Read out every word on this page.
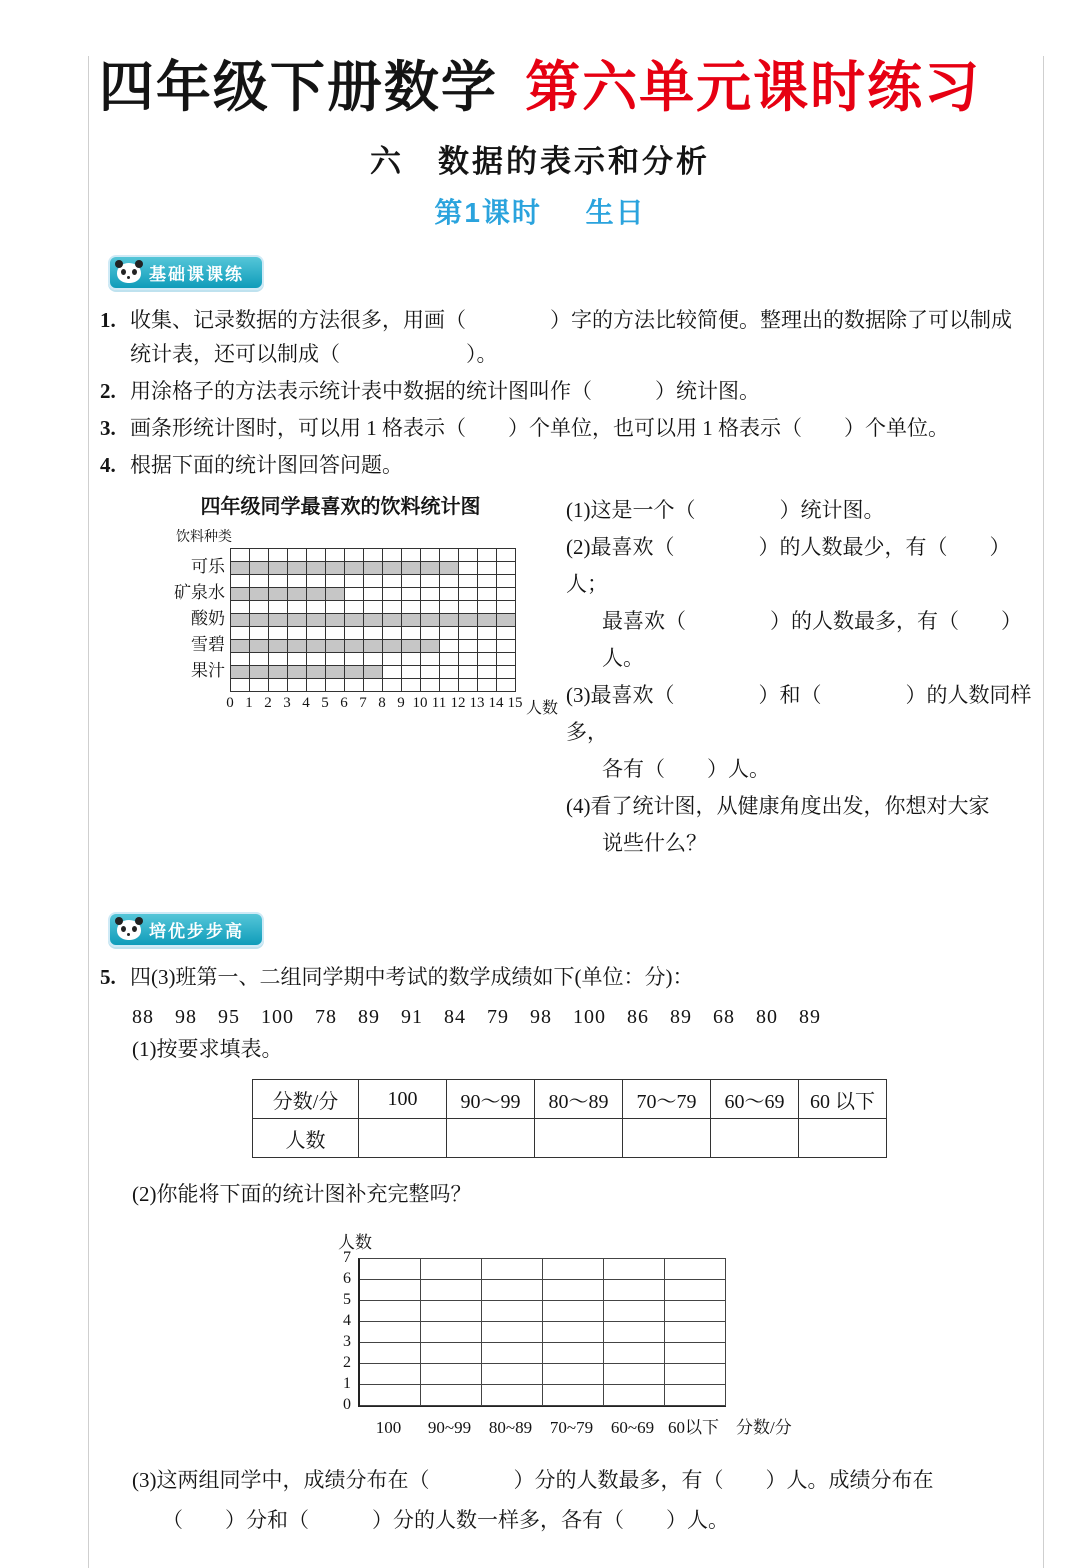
四年级下册数学 第六单元课时练习
六　数据的表示和分析
第1课时 生日
基础课课练
1. 收集、记录数据的方法很多，用画（　　　　）字的方法比较简便。整理出的数据除了可以制成
统计表，还可以制成（　　　　　　）。
2. 用涂格子的方法表示统计表中数据的统计图叫作（　　　）统计图。
3. 画条形统计图时，可以用 1 格表示（　　）个单位，也可以用 1 格表示（　　）个单位。
4. 根据下面的统计图回答问题。
四年级同学最喜欢的饮料统计图
饮料种类
可乐
矿泉水
酸奶
雪碧
果汁
人数
0 1 2 3 4 5 6 7 8 9 10 11 12 13 14 15
(1)这是一个（　　　　）统计图。
(2)最喜欢（　　　　）的人数最少，有（　　）人；
最喜欢（　　　　）的人数最多，有（　　）人。
(3)最喜欢（　　　　）和（　　　　）的人数同样多，
各有（　　）人。
(4)看了统计图，从健康角度出发，你想对大家
说些什么？
培优步步高
5. 四(3)班第一、二组同学期中考试的数学成绩如下(单位：分)：
88　98　95　100　78　89　91　84　79　98　100　86　89　68　80　89
(1)按要求填表。
分数/分	100	90～99	80～89	70～79	60～69	60 以下
人数						
(2)你能将下面的统计图补充完整吗？
人数
7
6
5
4
3
2
1
0
100	90~99	80~89	70~79	60~69 60以下 分数/分
(3)这两组同学中，成绩分布在（　　　　）分的人数最多，有（　　）人。成绩分布在
（　　）分和（　　　）分的人数一样多，各有（　　）人。
